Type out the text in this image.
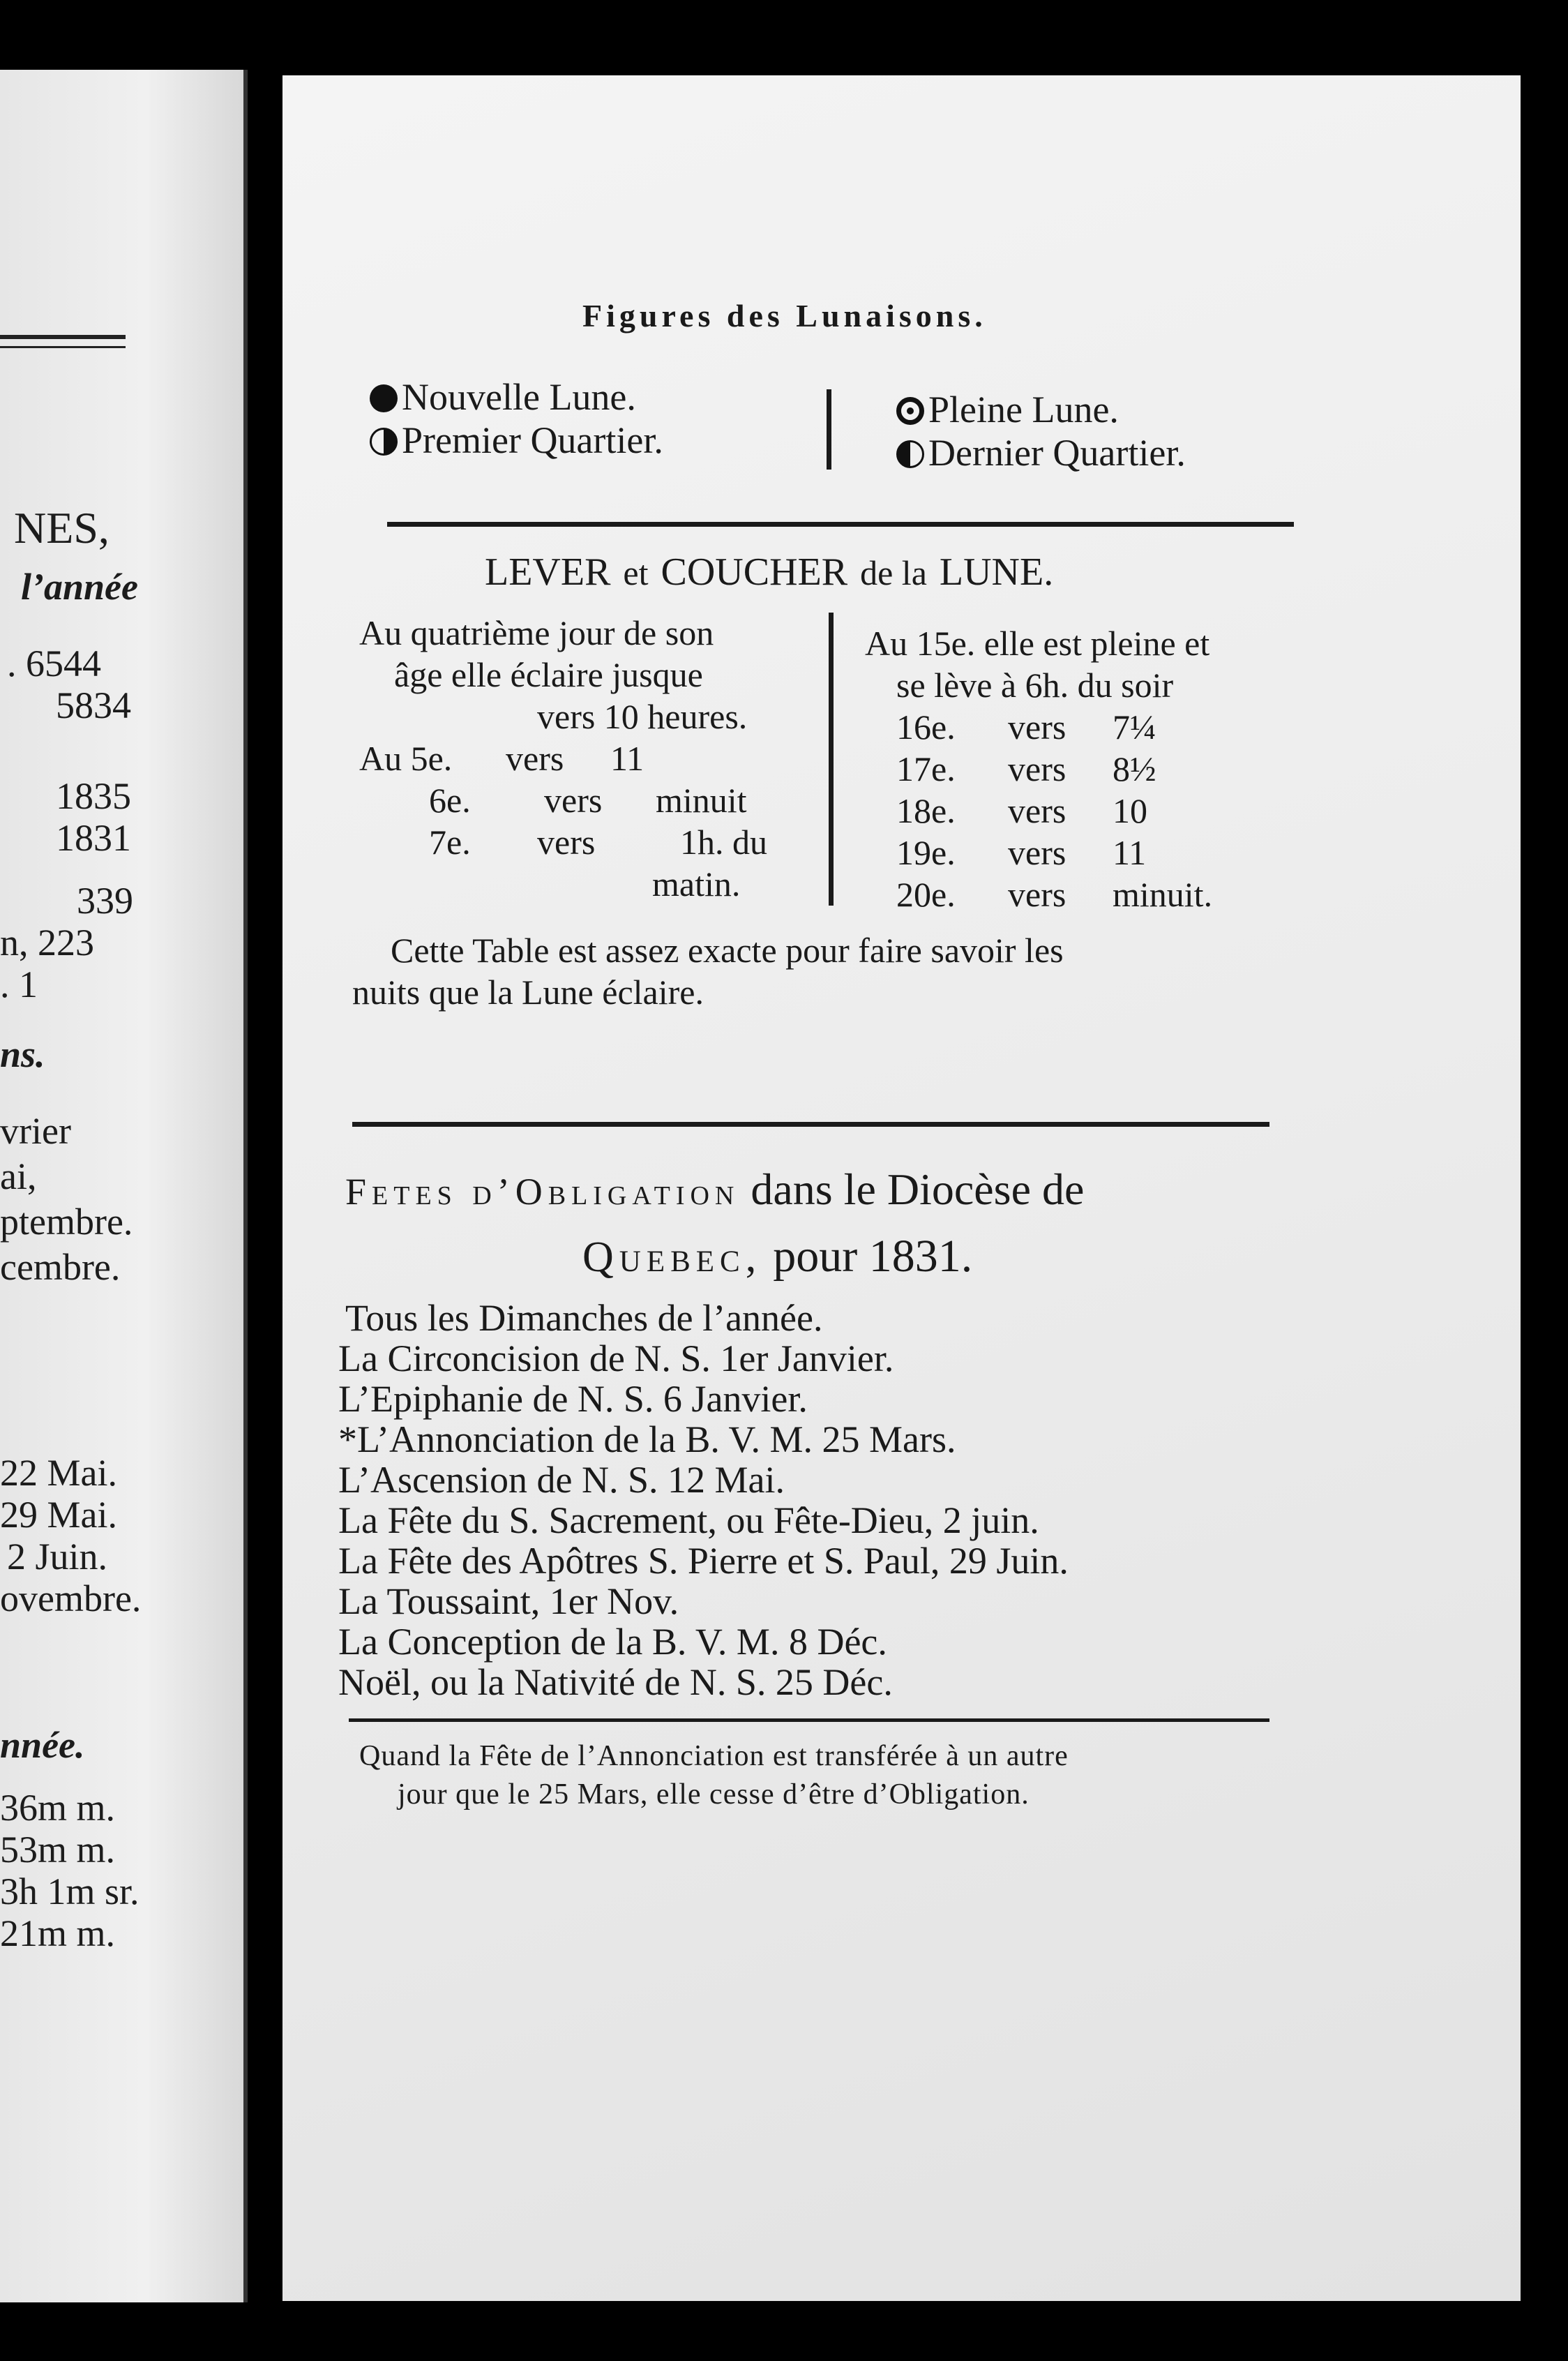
NES,
l’année
. 6544
5834
1835
1831
339
n, 223
. 1
ns.
vrier
ai,
ptembre.
cembre.
22 Mai.
29 Mai.
2 Juin.
ovembre.
nnée.
36m m.
53m m.
3h 1m sr.
21m m.
Figures des Lunaisons.
Nouvelle Lune.
Premier Quartier.
Pleine Lune.
Dernier Quartier.
LEVER et COUCHER de la LUNE.
Au quatrième jour de son
âge elle éclaire jusque
vers 10 heures.
Au 5e.	vers	11
6e.	vers	minuit
7e.	vers	1h. du
matin.
Au 15e. elle est pleine et
se lève à 6h. du soir
16e.	vers	7¼
17e.	vers	8½
18e.	vers	10
19e.	vers	11
20e.	vers	minuit.
Cette Table est assez exacte pour faire savoir les
nuits que la Lune éclaire.
Fetes d’Obligation dans le Diocèse de
Quebec, pour 1831.
Tous les Dimanches de l’année.
La Circoncision de N. S. 1er Janvier.
L’Epiphanie de N. S. 6 Janvier.
*L’Annonciation de la B. V. M. 25 Mars.
L’Ascension de N. S. 12 Mai.
La Fête du S. Sacrement, ou Fête-Dieu, 2 juin.
La Fête des Apôtres S. Pierre et S. Paul, 29 Juin.
La Toussaint, 1er Nov.
La Conception de la B. V. M. 8 Déc.
Noël, ou la Nativité de N. S. 25 Déc.
Quand la Fête de l’Annonciation est transférée à un autre
jour que le 25 Mars, elle cesse d’être d’Obligation.
